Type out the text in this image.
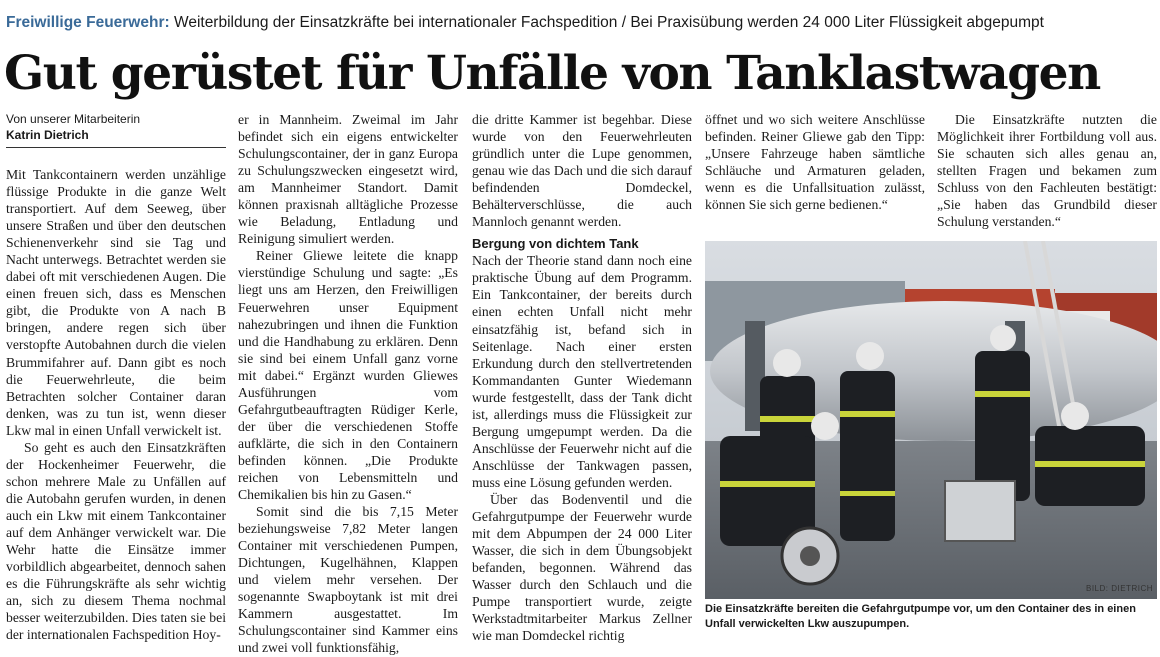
Freiwillige Feuerwehr: Weiterbildung der Einsatzkräfte bei internationaler Fachspedition / Bei Praxisübung werden 24 000 Liter Flüssigkeit abgepumpt
Gut gerüstet für Unfälle von Tanklastwagen
Von unserer Mitarbeiterin
Katrin Dietrich

Mit Tankcontainern werden unzählige flüssige Produkte in die ganze Welt transportiert. Auf dem Seeweg, über unsere Straßen und über den deutschen Schienenverkehr sind sie Tag und Nacht unterwegs. Betrachtet werden sie dabei oft mit verschiedenen Augen. Die einen freuen sich, dass es Menschen gibt, die Produkte von A nach B bringen, andere regen sich über verstopfte Autobahnen durch die vielen Brummifahrer auf. Dann gibt es noch die Feuerwehrleute, die beim Betrachten solcher Container daran denken, was zu tun ist, wenn dieser Lkw mal in einen Unfall verwickelt ist.

So geht es auch den Einsatzkräften der Hockenheimer Feuerwehr, die schon mehrere Male zu Unfällen auf die Autobahn gerufen wurden, in denen auch ein Lkw mit einem Tankcontainer auf dem Anhänger verwickelt war. Die Wehr hatte die Einsätze immer vorbildlich abgearbeitet, dennoch sahen es die Führungskräfte als sehr wichtig an, sich zu diesem Thema nochmal besser weiterzubilden. Dies taten sie bei der internationalen Fachspedition Hoy-

er in Mannheim. Zweimal im Jahr befindet sich ein eigens entwickelter Schulungscontainer, der in ganz Europa zu Schulungszwecken eingesetzt wird, am Mannheimer Standort. Damit können praxisnah alltägliche Prozesse wie Beladung, Entladung und Reinigung simuliert werden.

Reiner Gliewe leitete die knapp vierstündige Schulung und sagte: „Es liegt uns am Herzen, den Freiwilligen Feuerwehren unser Equipment nahezubringen und ihnen die Funktion und die Handhabung zu erklären. Denn sie sind bei einem Unfall ganz vorne mit dabei.“ Ergänzt wurden Gliewes Ausführungen vom Gefahrgutbeauftragten Rüdiger Kerle, der über die verschiedenen Stoffe aufklärte, die sich in den Containern befinden können. „Die Produkte reichen von Lebensmitteln und Chemikalien bis hin zu Gasen.“

Somit sind die bis 7,15 Meter beziehungsweise 7,82 Meter langen Container mit verschiedenen Pumpen, Dichtungen, Kugelhähnen, Klappen und vielem mehr versehen. Der sogenannte Swapboytank ist mit drei Kammern ausgestattet. Im Schulungscontainer sind Kammer eins und zwei voll funktionsfähig,

die dritte Kammer ist begehbar. Diese wurde von den Feuerwehrleuten gründlich unter die Lupe genommen, genau wie das Dach und die sich darauf befindenden Domdeckel, Behälterverschlüsse, die auch Mannloch genannt werden.

Bergung von dichtem Tank

Nach der Theorie stand dann noch eine praktische Übung auf dem Programm. Ein Tankcontainer, der bereits durch einen echten Unfall nicht mehr einsatzfähig ist, befand sich in Seitenlage. Nach einer ersten Erkundung durch den stellvertretenden Kommandanten Gunter Wiedemann wurde festgestellt, dass der Tank dicht ist, allerdings muss die Flüssigkeit zur Bergung umgepumpt werden. Da die Anschlüsse der Feuerwehr nicht auf die Anschlüsse der Tankwagen passen, muss eine Lösung gefunden werden.

Über das Bodenventil und die Gefahrgutpumpe der Feuerwehr wurde mit dem Abpumpen der 24 000 Liter Wasser, die sich in dem Übungsobjekt befanden, begonnen. Während das Wasser durch den Schlauch und die Pumpe transportiert wurde, zeigte Werkstadtmitarbeiter Markus Zellner wie man Domdeckel richtig

öffnet und wo sich weitere Anschlüsse befinden. Reiner Gliewe gab den Tipp: „Unsere Fahrzeuge haben sämtliche Schläuche und Armaturen geladen, wenn es die Unfallsituation zulässt, können Sie sich gerne bedienen.“

Die Einsatzkräfte nutzten die Möglichkeit ihrer Fortbildung voll aus. Sie schauten sich alles genau an, stellten Fragen und bekamen zum Schluss von den Fachleuten bestätigt: „Sie haben das Grundbild dieser Schulung verstanden.“

BILD: DIETRICH
Die Einsatzkräfte bereiten die Gefahrgutpumpe vor, um den Container des in einen Unfall verwickelten Lkw auszupumpen.
